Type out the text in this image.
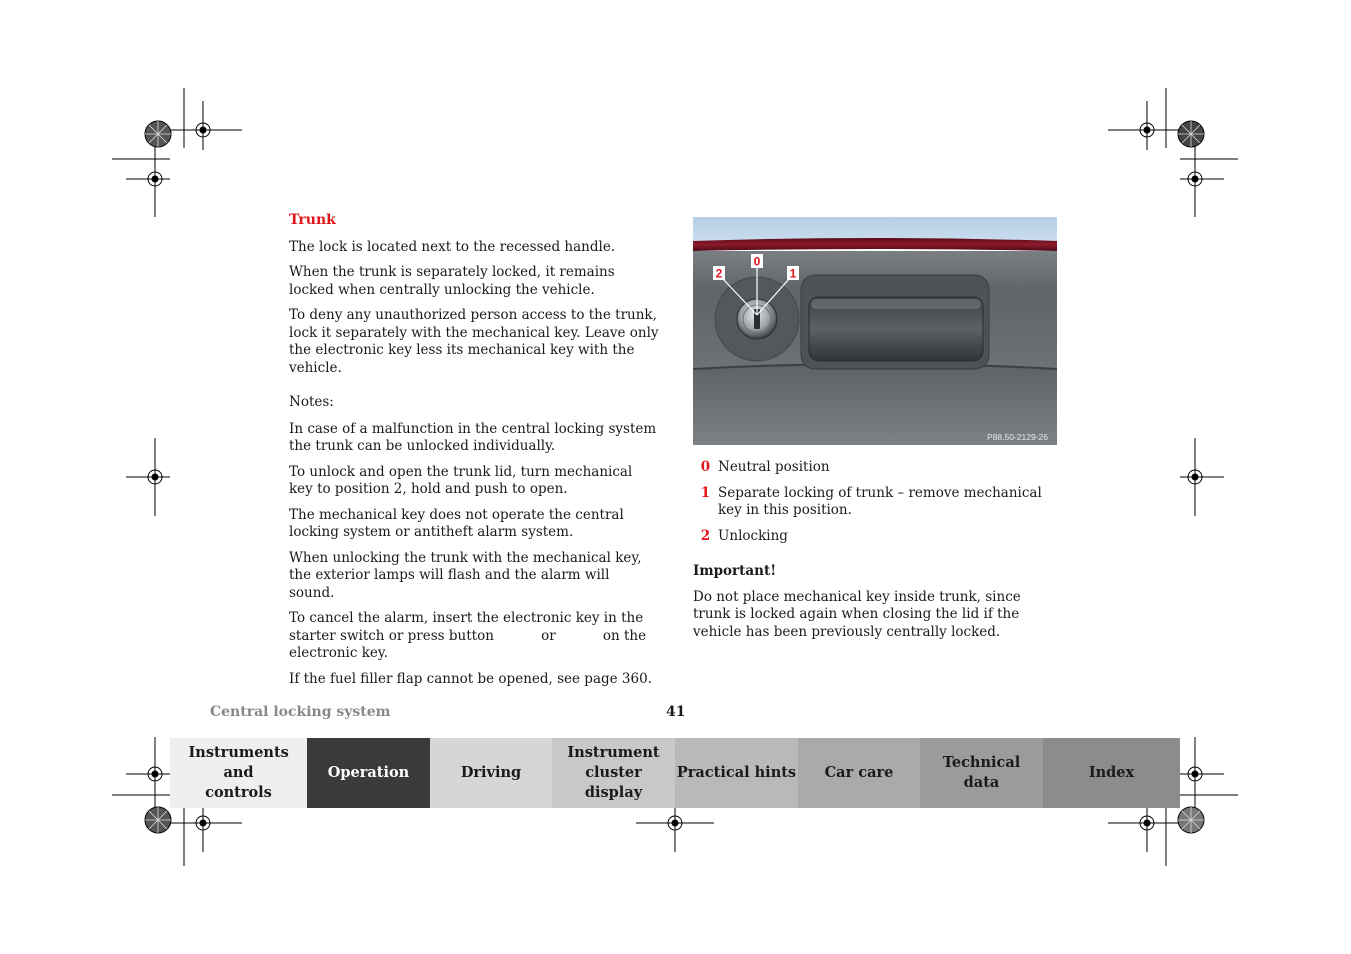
Trunk

The lock is located next to the recessed handle.

When the trunk is separately locked, it remains locked when centrally unlocking the vehicle.

To deny any unauthorized person access to the trunk, lock it separately with the mechanical key. Leave only the electronic key less its mechanical key with the vehicle.

Notes:

In case of a malfunction in the central locking system the trunk can be unlocked individually.

To unlock and open the trunk lid, turn mechanical key to position 2, hold and push to open.

The mechanical key does not operate the central locking system or antitheft alarm system.

When unlocking the trunk with the mechanical key, the exterior lamps will flash and the alarm will sound.

To cancel the alarm, insert the electronic key in the starter switch or press button           or           on the electronic key.

If the fuel filler flap cannot be opened, see page 360.

2
0
1
P88.50-2129-26
0 Neutral position
1 Separate locking of trunk – remove mechanical key in this position.
2 Unlocking
Important!
Do not place mechanical key inside trunk, since trunk is locked again when closing the lid if the vehicle has been previously centrally locked.
Central locking system	41
Instruments and controls
Operation	Driving
Instrument cluster display
Practical hints Car care
Technical data
Index
